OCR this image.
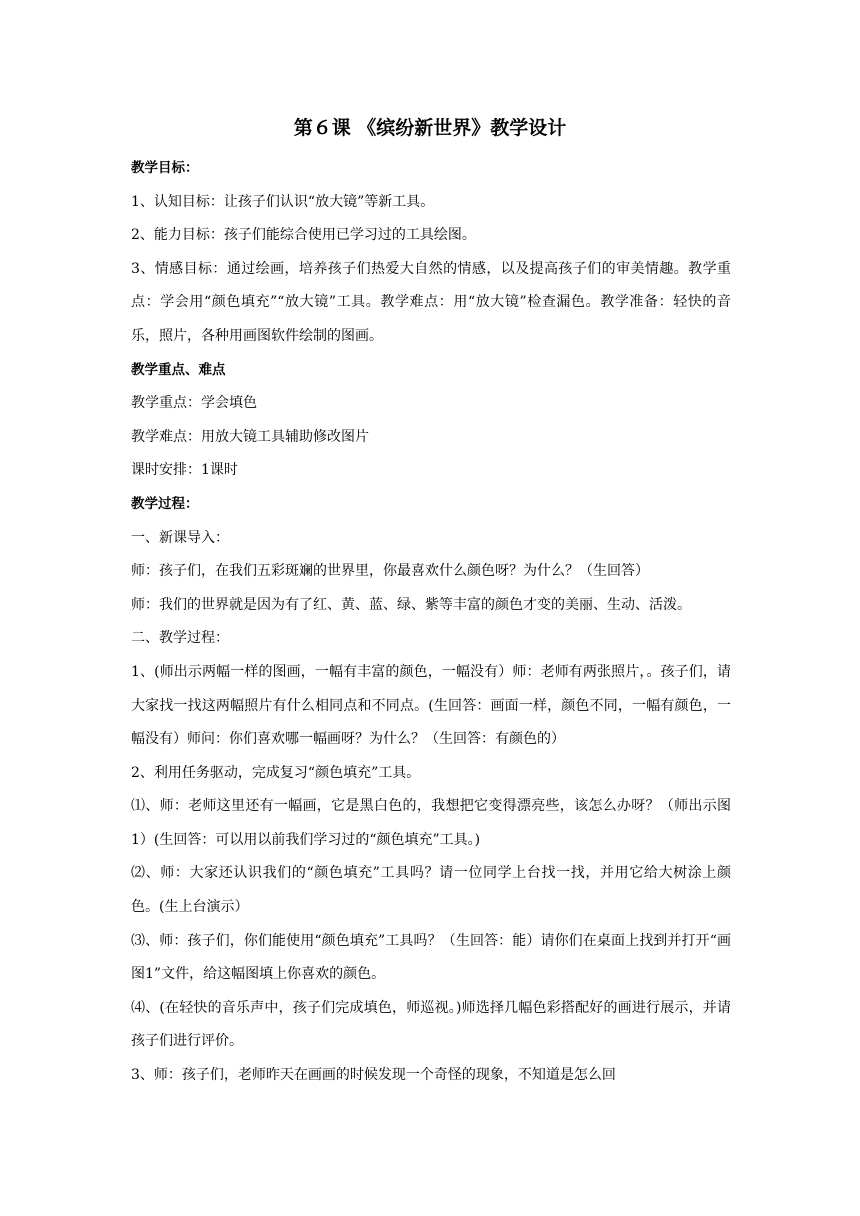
第６课 《缤纷新世界》教学设计

教学目标：

1、认知目标：让孩子们认识“放大镜”等新工具。

2、能力目标：孩子们能综合使用已学习过的工具绘图。

3、情感目标：通过绘画，培养孩子们热爱大自然的情感，以及提高孩子们的审美情趣。教学重点：学会用“颜色填充”“放大镜”工具。教学难点：用“放大镜”检查漏色。教学准备：轻快的音乐，照片，各种用画图软件绘制的图画。

教学重点、难点

教学重点：学会填色

教学难点：用放大镜工具辅助修改图片

课时安排：1课时

教学过程：

一、新课导入：

师：孩子们，在我们五彩斑斓的世界里，你最喜欢什么颜色呀？为什么？（生回答）

师：我们的世界就是因为有了红、黄、蓝、绿、紫等丰富的颜色才变的美丽、生动、活泼。

二、教学过程：

1、(师出示两幅一样的图画，一幅有丰富的颜色，一幅没有）师：老师有两张照片，。孩子们，请大家找一找这两幅照片有什么相同点和不同点。(生回答：画面一样，颜色不同，一幅有颜色，一幅没有）师问：你们喜欢哪一幅画呀？为什么？（生回答：有颜色的）

2、利用任务驱动，完成复习“颜色填充”工具。

⑴、师：老师这里还有一幅画，它是黑白色的，我想把它变得漂亮些，该怎么办呀？（师出示图1）(生回答：可以用以前我们学习过的“颜色填充”工具。)

⑵、师：大家还认识我们的“颜色填充”工具吗？请一位同学上台找一找，并用它给大树涂上颜色。(生上台演示）

⑶、师：孩子们，你们能使用“颜色填充”工具吗？（生回答：能）请你们在桌面上找到并打开“画图1”文件，给这幅图填上你喜欢的颜色。

⑷、(在轻快的音乐声中，孩子们完成填色，师巡视。)师选择几幅色彩搭配好的画进行展示，并请孩子们进行评价。

3、师：孩子们，老师昨天在画画的时候发现一个奇怪的现象，不知道是怎么回
